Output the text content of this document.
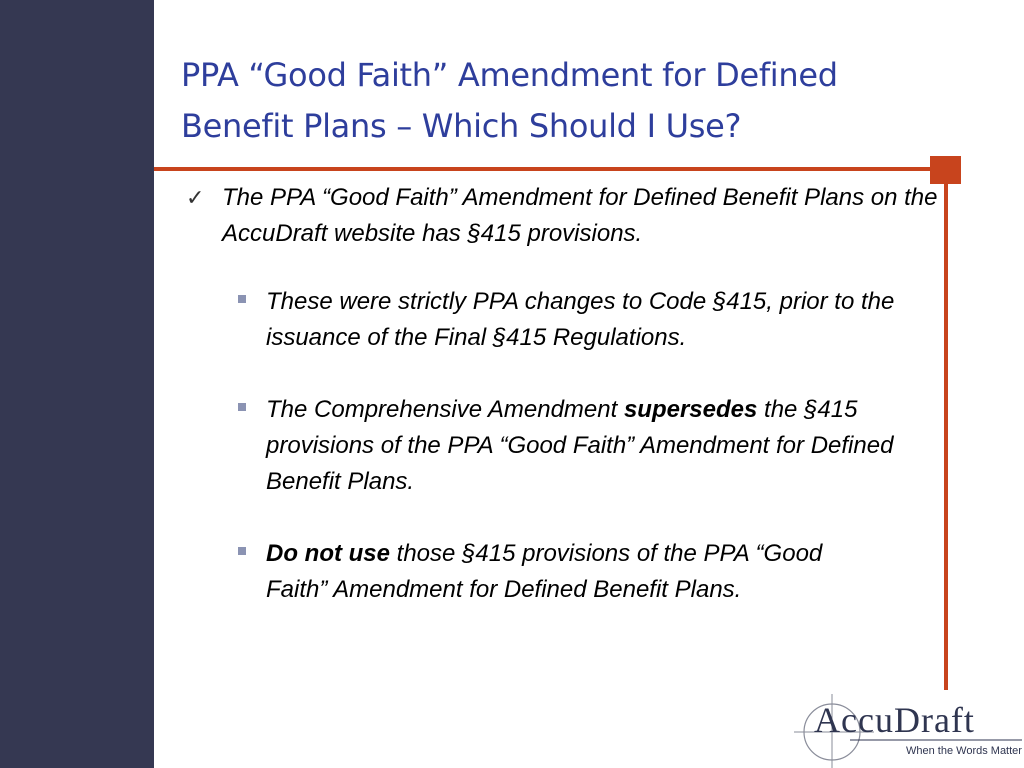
PPA “Good Faith” Amendment for Defined
Benefit Plans – Which Should I Use?
✓ The PPA “Good Faith” Amendment for Defined Benefit Plans on the AccuDraft website has §415 provisions.
These were strictly PPA changes to Code §415, prior to the issuance of the Final §415 Regulations.
The Comprehensive Amendment supersedes the §415 provisions of the PPA “Good Faith” Amendment for Defined Benefit Plans.
Do not use those §415 provisions of the PPA “Good Faith” Amendment for Defined Benefit Plans.
AccuDraft
When the Words Matter
